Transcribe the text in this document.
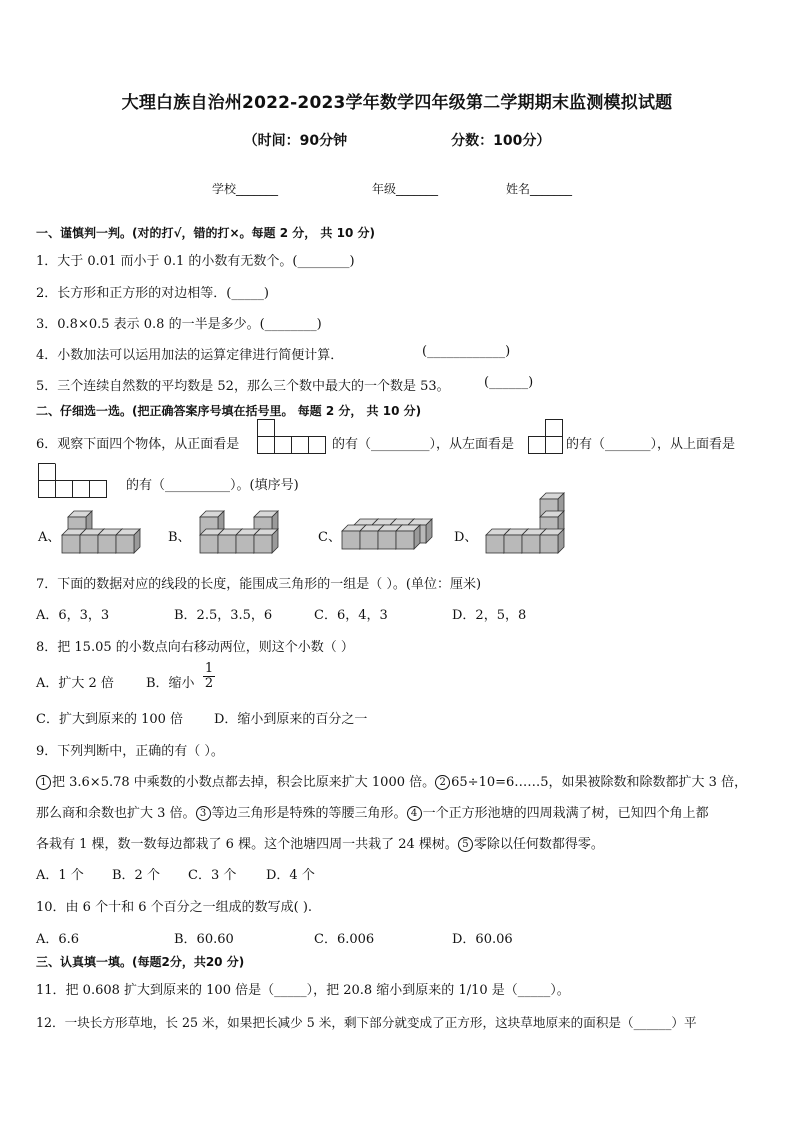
大理白族自治州2022-2023学年数学四年级第二学期期末监测模拟试题
（时间：90分钟	分数：100分）
学校_______	年级_______	姓名_______
一、谨慎判一判。(对的打√，错的打×。每题 2 分， 共 10 分)
1．大于 0.01 而小于 0.1 的小数有无数个。(________)
2．长方形和正方形的对边相等．(_____)
3．0.8×0.5 表示 0.8 的一半是多少。(________)
4．小数加法可以运用加法的运算定律进行简便计算．	(____________)
5．三个连续自然数的平均数是 52，那么三个数中最大的一个数是 53。	(______)
二、仔细选一选。(把正确答案序号填在括号里。 每题 2 分， 共 10 分)
6．观察下面四个物体，从正面看是	的有（_________），从左面看是	的有（_______），从上面看是
的有（__________）。(填序号)
A、	B、	C、	D、
7．下面的数据对应的线段的长度，能围成三角形的一组是（ ）。(单位：厘米)
A．6，3，3	B．2.5，3.5，6	C．6，4，3	D．2，5，8
8．把 15.05 的小数点向右移动两位，则这个小数（ ）
A．扩大 2 倍 B．缩小 $\frac{1}{2}$
C．扩大到原来的 100 倍 D．缩小到原来的百分之一
9．下列判断中，正确的有（ ）。
1 把 3.6×5.78 中乘数的小数点都去掉，积会比原来扩大 1000 倍。 2 65÷10=6……5，如果被除数和除数都扩大 3 倍，
那么商和余数也扩大 3 倍。 3 等边三角形是特殊的等腰三角形。 4 一个正方形池塘的四周栽满了树，已知四个角上都
各栽有 1 棵，数一数每边都栽了 6 棵。这个池塘四周一共栽了 24 棵树。 5 零除以任何数都得零。
A．1 个 B．2 个 C．3 个 D．4 个
10．由 6 个十和 6 个百分之一组成的数写成( ).
A．6.6	B．60.60	C．6.006	D．60.06
三、认真填一填。(每题2分，共20 分)
11．把 0.608 扩大到原来的 100 倍是（_____），把 20.8 缩小到原来的 1/10 是（_____）。
12．一块长方形草地，长 25 米，如果把长减少 5 米，剩下部分就变成了正方形，这块草地原来的面积是（______）平
